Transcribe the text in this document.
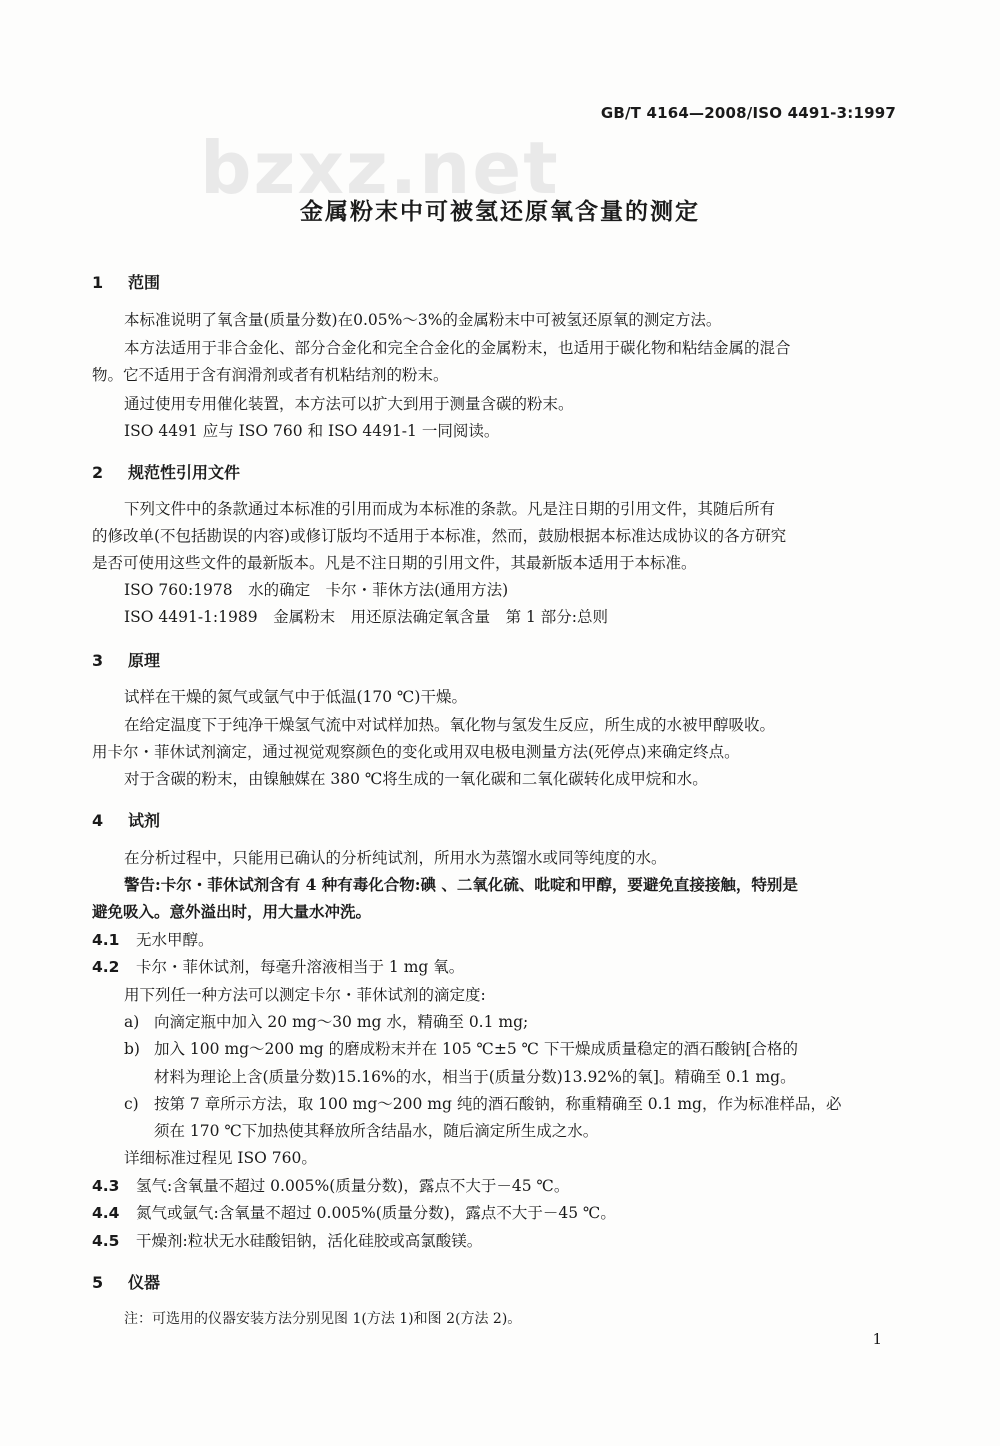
bzxz.net
GB/T 4164—2008/ISO 4491-3:1997
金属粉末中可被氢还原氧含量的测定
1 范围
本标准说明了氧含量(质量分数)在0.05%～3%的金属粉末中可被氢还原氧的测定方法。
本方法适用于非合金化、部分合金化和完全合金化的金属粉末，也适用于碳化物和粘结金属的混合
物。它不适用于含有润滑剂或者有机粘结剂的粉末。
通过使用专用催化装置，本方法可以扩大到用于测量含碳的粉末。
ISO 4491 应与 ISO 760 和 ISO 4491-1 一同阅读。
2 规范性引用文件
下列文件中的条款通过本标准的引用而成为本标准的条款。凡是注日期的引用文件，其随后所有
的修改单(不包括勘误的内容)或修订版均不适用于本标准，然而，鼓励根据本标准达成协议的各方研究
是否可使用这些文件的最新版本。凡是不注日期的引用文件，其最新版本适用于本标准。
ISO 760:1978　水的确定　卡尔・菲休方法(通用方法)
ISO 4491-1:1989　金属粉末　用还原法确定氧含量　第 1 部分:总则
3 原理
试样在干燥的氮气或氩气中于低温(170 ℃)干燥。
在给定温度下于纯净干燥氢气流中对试样加热。氧化物与氢发生反应，所生成的水被甲醇吸收。
用卡尔・菲休试剂滴定，通过视觉观察颜色的变化或用双电极电测量方法(死停点)来确定终点。
对于含碳的粉末，由镍触媒在 380 ℃将生成的一氧化碳和二氧化碳转化成甲烷和水。
4 试剂
在分析过程中，只能用已确认的分析纯试剂，所用水为蒸馏水或同等纯度的水。
警告:卡尔・菲休试剂含有 4 种有毒化合物:碘 、二氧化硫、吡啶和甲醇，要避免直接接触，特别是
避免吸入。意外溢出时，用大量水冲洗。
4.1 无水甲醇。
4.2 卡尔・菲休试剂，每毫升溶液相当于 1 mg 氧。
用下列任一种方法可以测定卡尔・菲休试剂的滴定度:
a) 向滴定瓶中加入 20 mg～30 mg 水，精确至 0.1 mg;
b) 加入 100 mg～200 mg 的磨成粉末并在 105 ℃±5 ℃ 下干燥成质量稳定的酒石酸钠[合格的
材料为理论上含(质量分数)15.16%的水，相当于(质量分数)13.92%的氧]。精确至 0.1 mg。
c) 按第 7 章所示方法，取 100 mg～200 mg 纯的酒石酸钠，称重精确至 0.1 mg，作为标准样品，必
须在 170 ℃下加热使其释放所含结晶水，随后滴定所生成之水。
详细标准过程见 ISO 760。
4.3 氢气:含氧量不超过 0.005%(质量分数)，露点不大于－45 ℃。
4.4 氮气或氩气:含氧量不超过 0.005%(质量分数)，露点不大于－45 ℃。
4.5 干燥剂:粒状无水硅酸铝钠，活化硅胶或高氯酸镁。
5 仪器
注：可选用的仪器安装方法分别见图 1(方法 1)和图 2(方法 2)。
1
